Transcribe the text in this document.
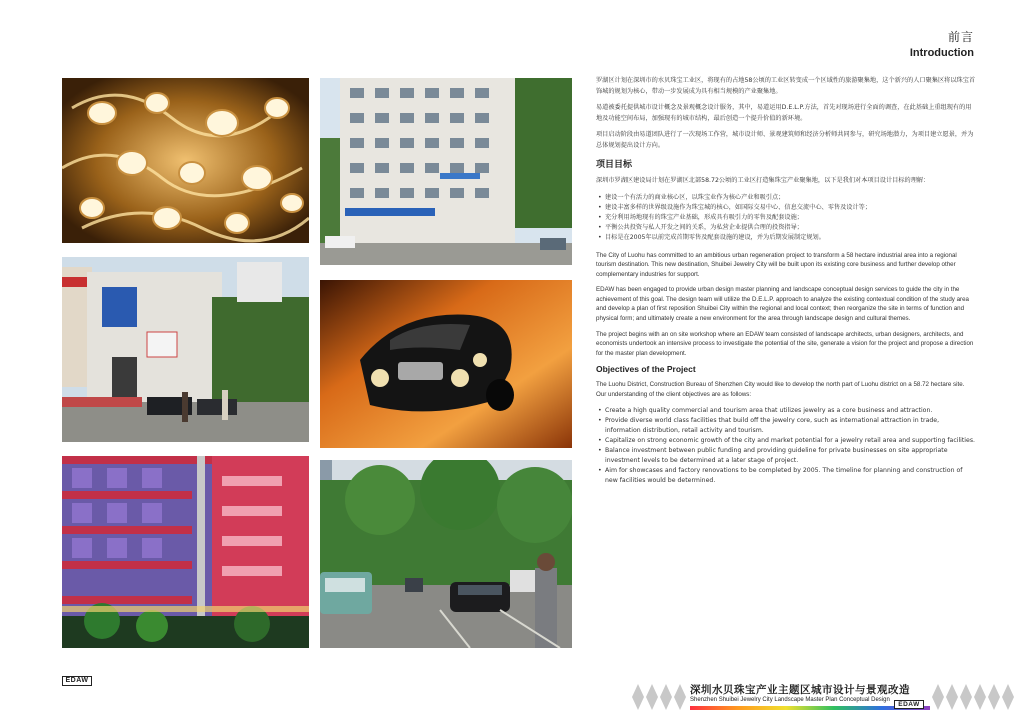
前言
Introduction

罗湖区计划在深圳市的水贝珠宝工业区，将现有的占地58公顷的工业区转变成一个区域性的旅游聚集地，这个新兴的人口聚集区将以珠宝首饰城的规划为核心，带动一步发展成为具有相当规模的产业聚集地。

易道被委托提供城市设计概念及景观概念设计服务，其中，易道运用D.E.L.P.方法，首先对现场进行全面的调查，在此基础上重组现有的用地及功能空间布局，加强现有的城市结构，最后创造一个提升价值的新环境。

项目启动阶段由易道团队进行了一次现场工作营，城市设计师、景观建筑师和经济分析师共同参与，研究场地潜力，为项目建立愿景，并为总体规划提出设计方向。

项目目标

深圳市罗湖区建设局计划在罗湖区北部58.72公顷的工业区打造集珠宝产业聚集地，以下是我们对本项目设计目标的理解：

• 建设一个有活力的商业核心区，以珠宝业作为核心产业和吸引点；
• 建设丰富多样的世界级设施作为珠宝城的核心，如国际交易中心、信息交流中心、零售及设计等；
• 充分利用场地现有的珠宝产业基础，形成具有吸引力的零售及配套设施；
• 平衡公共投资与私人开发之间的关系，为私营企业提供合理的投资指导；
• 目标是在2005年以前完成首期零售及配套设施的建设，并为后期发展制定规划。

The City of Luohu has committed to an ambitious urban regeneration project to transform a 58 hectare industrial area into a regional tourism destination. This new destination, Shuibei Jewelry City will be built upon its existing core business and further develop other complementary industries for support.

EDAW has been engaged to provide urban design master planning and landscape conceptual design services to guide the city in the achievement of this goal. The design team will utilize the D.E.L.P. approach to analyze the existing contextual condition of the study area and develop a plan of first reposition Shuibei City within the regional and local context; then reorganize the site in terms of function and physical form; and ultimately create a new environment for the area through landscape design and cultural themes.

The project begins with an on site workshop where an EDAW team consisted of landscape architects, urban designers, architects, and economists undertook an intensive process to investigate the potential of the site, generate a vision for the project and propose a direction for the master plan development.

Objectives of the Project

The Luohu District, Construction Bureau of Shenzhen City would like to develop the north part of Luohu district on a 58.72 hectare site. Our understanding of the client objectives are as follows:

• Create a high quality commercial and tourism area that utilizes jewelry as a core business and attraction.
• Provide diverse world class facilities that build off the jewelry core, such as international attraction in trade, information distribution, retail activity and tourism.
• Capitalize on strong economic growth of the city and market potential for a jewelry retail area and supporting facilities.
• Balance investment between public funding and providing guideline for private businesses on site appropriate investment levels to be determined at a later stage of project.
• Aim for showcases and factory renovations to be completed by 2005. The timeline for planning and construction of new facilities would be determined.
EDAW
深圳水贝珠宝产业主题区城市设计与景观改造
Shenzhen Shuibei Jewelry City Landscape Master Plan Conceptual Design
EDAW
